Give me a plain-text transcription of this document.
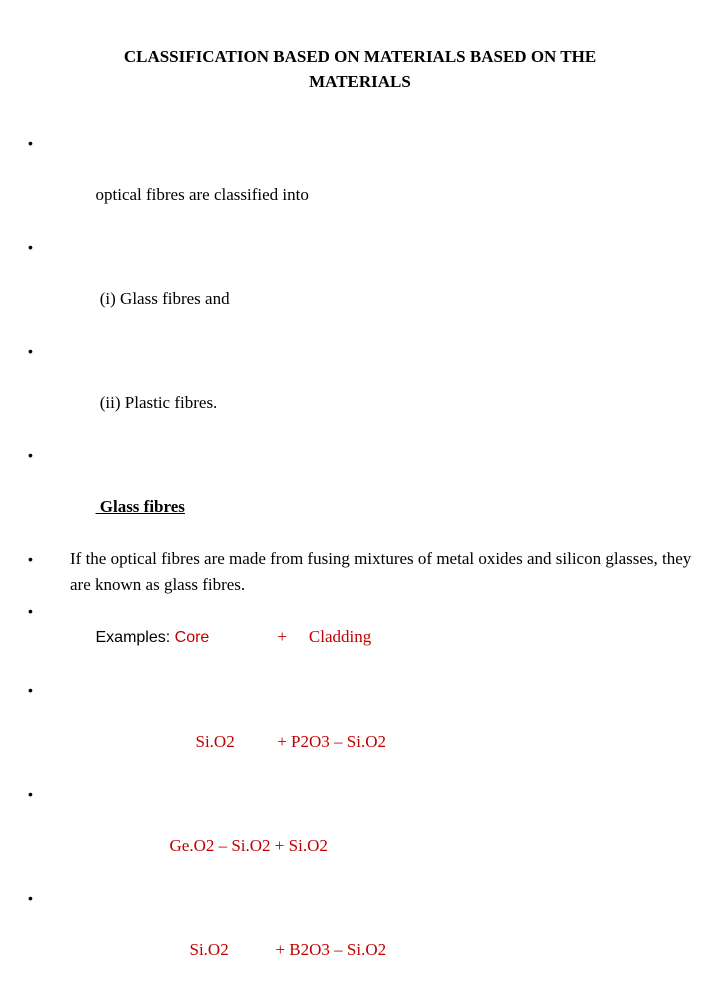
CLASSIFICATION BASED ON MATERIALS BASED ON THE
MATERIALS

•

optical fibres are classified into

•

(i) Glass fibres and

•

(ii) Plastic fibres.

•

Glass fibres

• If the optical fibres are made from fusing mixtures of metal oxides and silicon glasses, they are known as glass fibres.

•
Examples: Core	+ Cladding

•

Si.O2          + P2O3 – Si.O2

•

Ge.O2 – Si.O2 + Si.O2

•

Si.O2           + B2O3 – Si.O2
